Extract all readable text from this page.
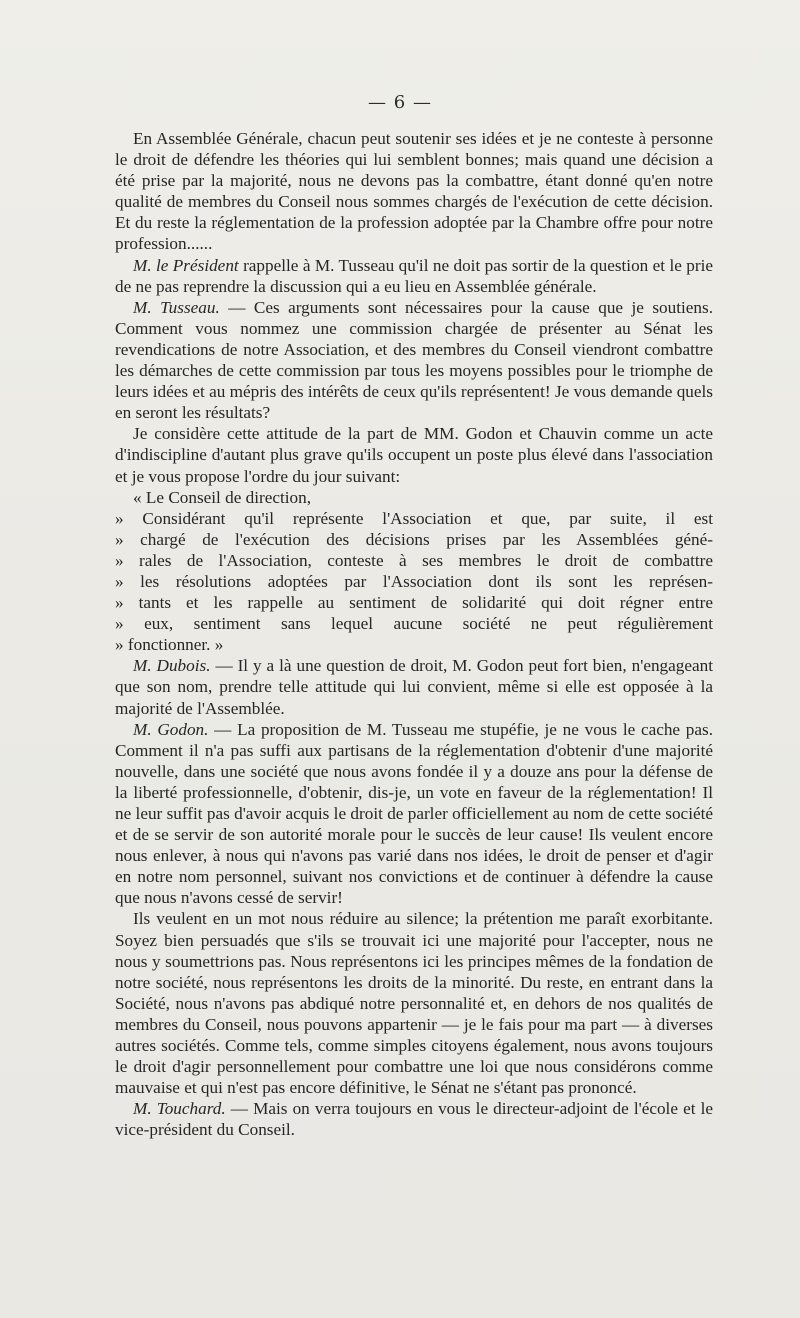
— 6 —

En Assemblée Générale, chacun peut soutenir ses idées et je ne conteste à personne le droit de défendre les théories qui lui semblent bonnes; mais quand une décision a été prise par la majorité, nous ne devons pas la combattre, étant donné qu'en notre qualité de membres du Conseil nous sommes chargés de l'exécution de cette décision. Et du reste la réglementation de la profession adoptée par la Chambre offre pour notre profession......

M. le Président rappelle à M. Tusseau qu'il ne doit pas sortir de la question et le prie de ne pas reprendre la discussion qui a eu lieu en Assemblée générale.

M. Tusseau. — Ces arguments sont nécessaires pour la cause que je soutiens. Comment vous nommez une commission chargée de présenter au Sénat les revendications de notre Association, et des membres du Conseil viendront combattre les démarches de cette commission par tous les moyens possibles pour le triomphe de leurs idées et au mépris des intérêts de ceux qu'ils représentent! Je vous demande quels en seront les résultats?

Je considère cette attitude de la part de MM. Godon et Chauvin comme un acte d'indiscipline d'autant plus grave qu'ils occupent un poste plus élevé dans l'association et je vous propose l'ordre du jour suivant:

« Le Conseil de direction,
» Considérant qu'il représente l'Association et que, par suite, il est
» chargé de l'exécution des décisions prises par les Assemblées géné-
» rales de l'Association, conteste à ses membres le droit de combattre
» les résolutions adoptées par l'Association dont ils sont les représen-
» tants et les rappelle au sentiment de solidarité qui doit régner entre
» eux, sentiment sans lequel aucune société ne peut régulièrement
» fonctionner. »

M. Dubois. — Il y a là une question de droit, M. Godon peut fort bien, n'engageant que son nom, prendre telle attitude qui lui convient, même si elle est opposée à la majorité de l'Assemblée.

M. Godon. — La proposition de M. Tusseau me stupéfie, je ne vous le cache pas. Comment il n'a pas suffi aux partisans de la réglementation d'obtenir d'une majorité nouvelle, dans une société que nous avons fondée il y a douze ans pour la défense de la liberté professionnelle, d'obtenir, dis-je, un vote en faveur de la réglementation! Il ne leur suffit pas d'avoir acquis le droit de parler officiellement au nom de cette société et de se servir de son autorité morale pour le succès de leur cause! Ils veulent encore nous enlever, à nous qui n'avons pas varié dans nos idées, le droit de penser et d'agir en notre nom personnel, suivant nos convictions et de continuer à défendre la cause que nous n'avons cessé de servir!

Ils veulent en un mot nous réduire au silence; la prétention me paraît exorbitante. Soyez bien persuadés que s'ils se trouvait ici une majorité pour l'accepter, nous ne nous y soumettrions pas. Nous représentons ici les principes mêmes de la fondation de notre société, nous représentons les droits de la minorité. Du reste, en entrant dans la Société, nous n'avons pas abdiqué notre personnalité et, en dehors de nos qualités de membres du Conseil, nous pouvons appartenir — je le fais pour ma part — à diverses autres sociétés. Comme tels, comme simples citoyens également, nous avons toujours le droit d'agir personnellement pour combattre une loi que nous considérons comme mauvaise et qui n'est pas encore définitive, le Sénat ne s'étant pas prononcé.

M. Touchard. — Mais on verra toujours en vous le directeur-adjoint de l'école et le vice-président du Conseil.
